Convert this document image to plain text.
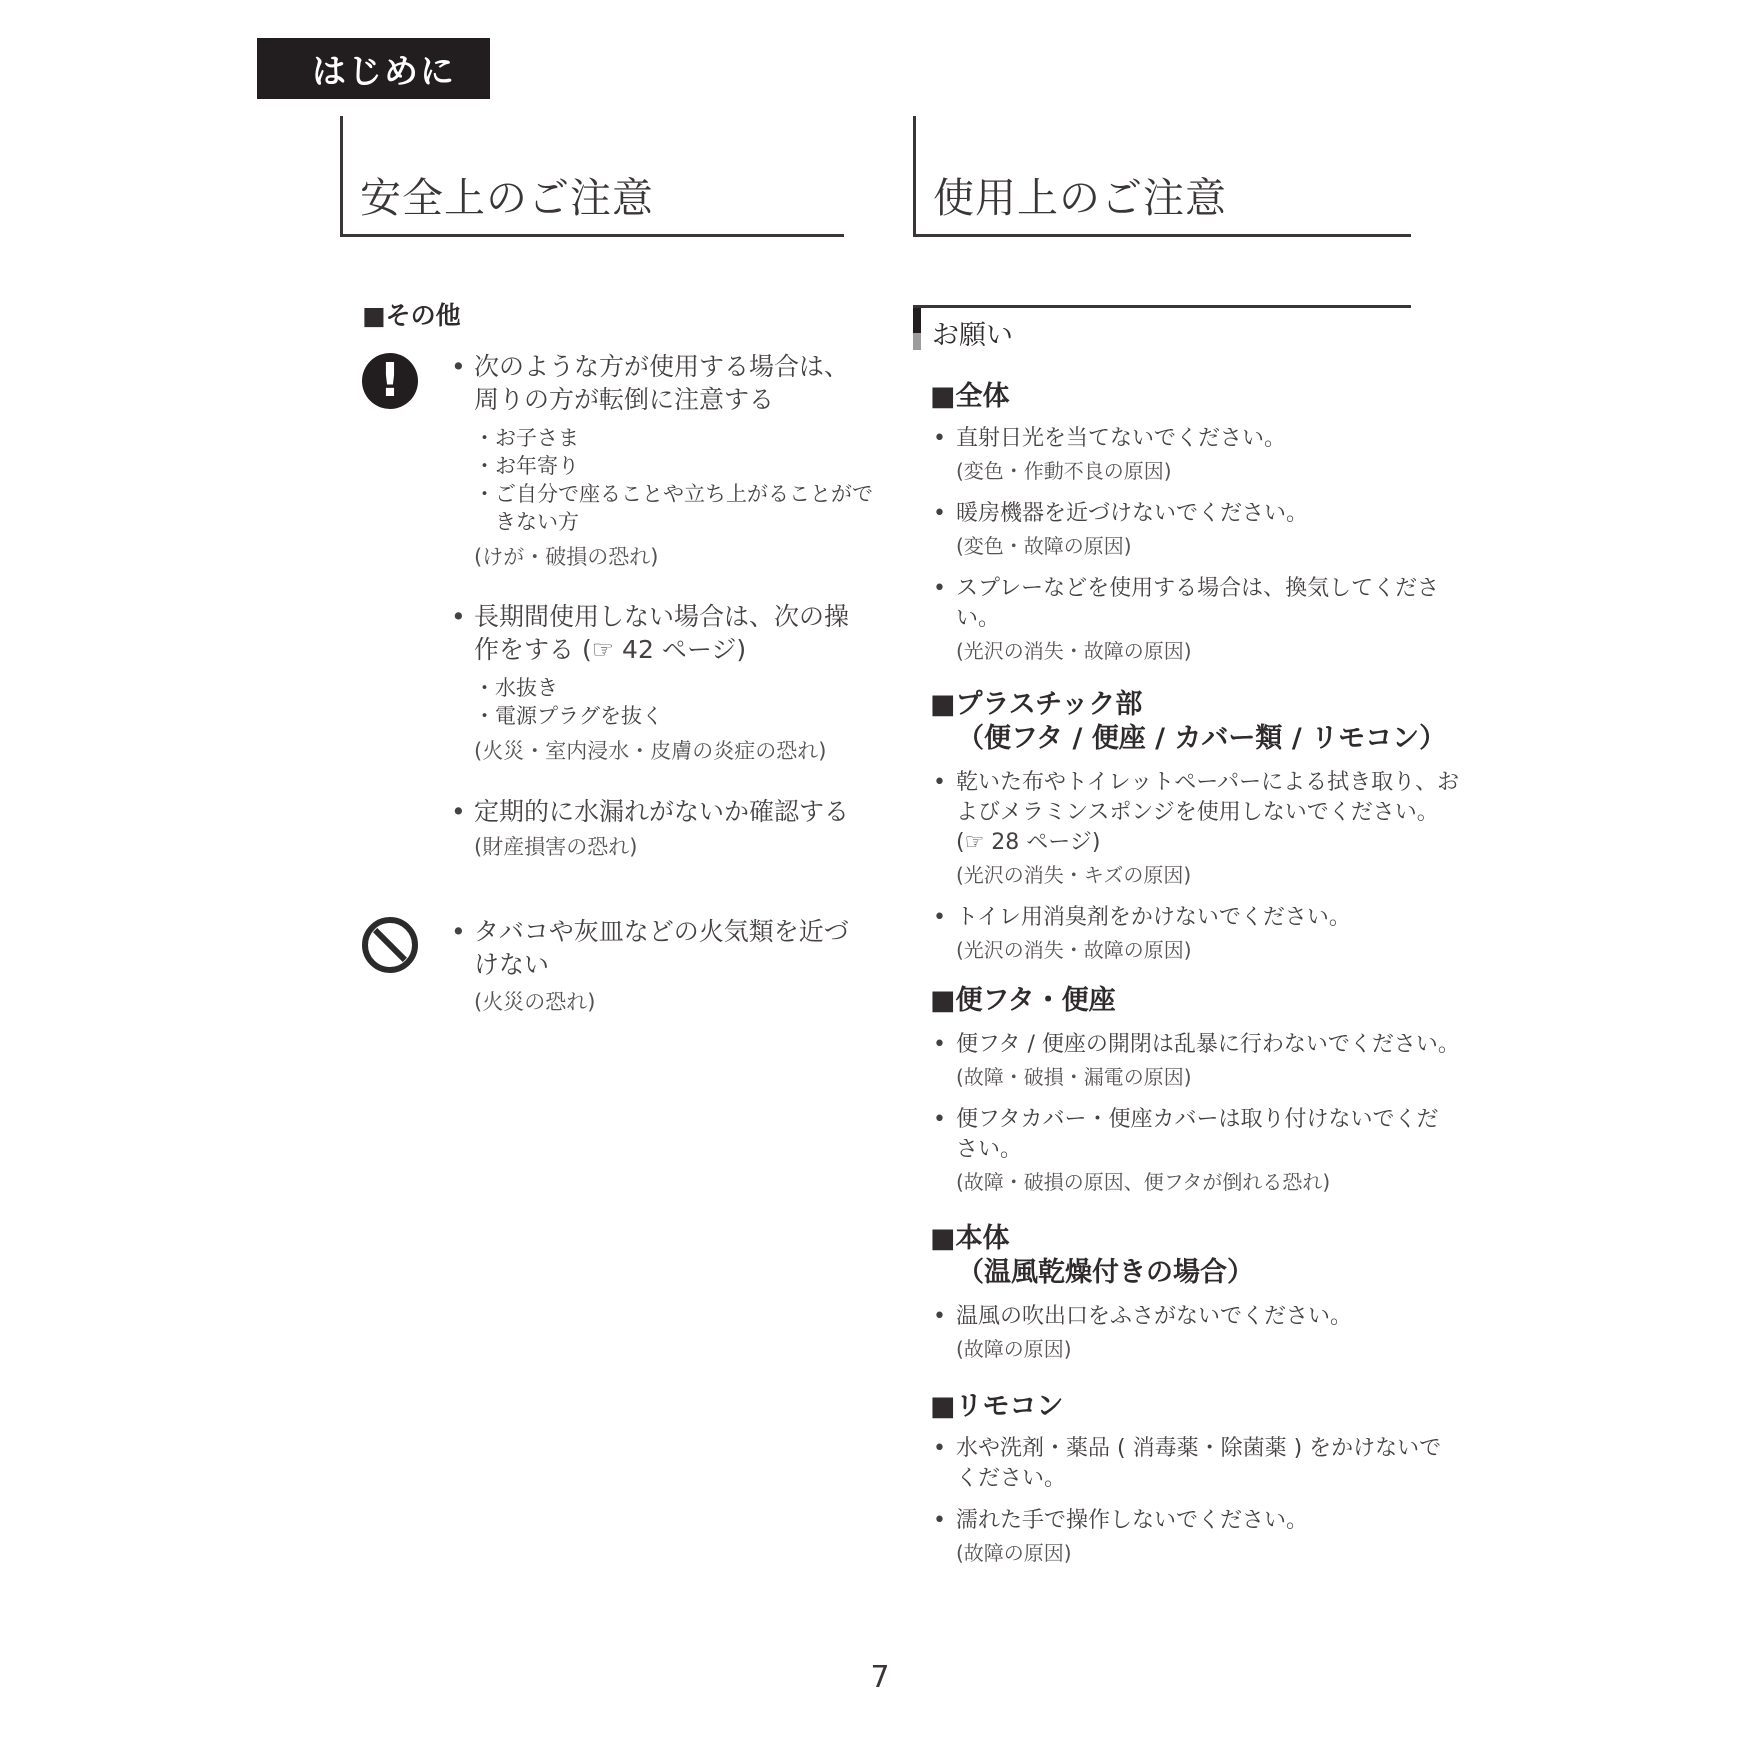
はじめに
安全上のご注意	使用上のご注意
■その他
! • 次のような方が使用する場合は、
周りの方が転倒に注意する
・お子さま
・お年寄り
・ご自分で座ることや立ち上がることがで
きない方
(けが・破損の恐れ)
• 長期間使用しない場合は、次の操
作をする (☞ 42 ページ)
・水抜き
・電源プラグを抜く
(火災・室内浸水・皮膚の炎症の恐れ)
• 定期的に水漏れがないか確認する
(財産損害の恐れ)
• タバコや灰皿などの火気類を近づ
けない
(火災の恐れ)
お願い
■全体
• 直射日光を当てないでください。
(変色・作動不良の原因)
• 暖房機器を近づけないでください。
(変色・故障の原因)
• スプレーなどを使用する場合は、換気してくださ
い。
(光沢の消失・故障の原因)
■プラスチック部
（便フタ / 便座 / カバー類 / リモコン）
• 乾いた布やトイレットペーパーによる拭き取り、お
よびメラミンスポンジを使用しないでください。
(☞ 28 ページ)
(光沢の消失・キズの原因)
• トイレ用消臭剤をかけないでください。
(光沢の消失・故障の原因)
■便フタ・便座
• 便フタ / 便座の開閉は乱暴に行わないでください。
(故障・破損・漏電の原因)
• 便フタカバー・便座カバーは取り付けないでくだ
さい。
(故障・破損の原因、便フタが倒れる恐れ)
■本体
（温風乾燥付きの場合）
• 温風の吹出口をふさがないでください。
(故障の原因)
■リモコン
• 水や洗剤・薬品 ( 消毒薬・除菌薬 ) をかけないで
ください。
• 濡れた手で操作しないでください。
(故障の原因)
7
